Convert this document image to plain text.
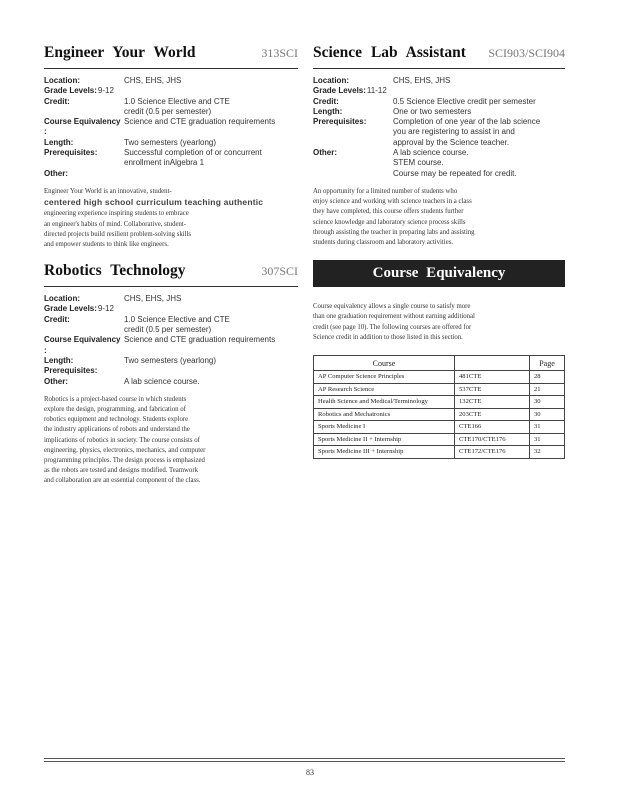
Engineer Your World	313SCI
Location:	CHS, EHS, JHS
Grade Levels: 9-12
Credit:	1.0 Science Elective and CTE
credit (0.5 per semester)
Course Equivalency :
Science and CTE graduation requirements
Length:	Two semesters (yearlong)
Prerequisites:	Successful completion of or concurrent
enrollment inAlgebra 1
Other:
Engineer Your World is an innovative, student-
centered high school curriculum teaching authentic
engineering experience inspiring students to embrace
an engineer's habits of mind. Collaborative, student-
directed projects build resilient problem-solving skills
and empower students to think like engineers.
Robotics Technology	307SCI
Location:	CHS, EHS, JHS
Grade Levels: 9-12
Credit:	1.0 Science Elective and CTE
credit (0.5 per semester)
Course Equivalency :
Science and CTE graduation requirements
Length:	Two semesters (yearlong)
Prerequisites:
Other:	A lab science course.
Robotics is a project-based course in which students
explore the design, programming, and fabrication of
robotics equipment and technology. Students explore
the industry applications of robots and understand the
implications of robotics in society. The course consists of
engineering, physics, electronics, mechanics, and computer
programming principles. The design process is emphasized
as the robots are tested and designs modified. Teamwork
and collaboration are an essential component of the class.
Science Lab Assistant SCI903/SCI904
Location:	CHS, EHS, JHS
Grade Levels: 11-12
Credit:	0.5 Science Elective credit per semester
Length:	One or two semesters
Prerequisites:	Completion of one year of the lab science
you are registering to assist in and
approval by the Science teacher.
Other:	A lab science course.
STEM course.
Course may be repeated for credit.
An opportunity for a limited number of students who
enjoy science and working with science teachers in a class
they have completed, this course offers students further
science knowledge and laboratory science process skills
through assisting the teacher in preparing labs and assisting
students during classroom and laboratory activities.
Course Equivalency
Course equivalency allows a single course to satisfy more
than one graduation requirement without earning additional
credit (see page 10). The following courses are offered for
Science credit in addition to those listed in this section.
Course		Page
AP Computer Science Principles	481CTE	28
AP Research Science	537CTE	21
Health Science and Medical/Terminology	132CTE	30
Robotics and Mechatronics	203CTE	30
Sports Medicine I	CTE166	31
Sports Medicine II + Internship	CTE170/CTE176	31
Sports Medicine III + Internship	CTE172/CTE176	32
83
